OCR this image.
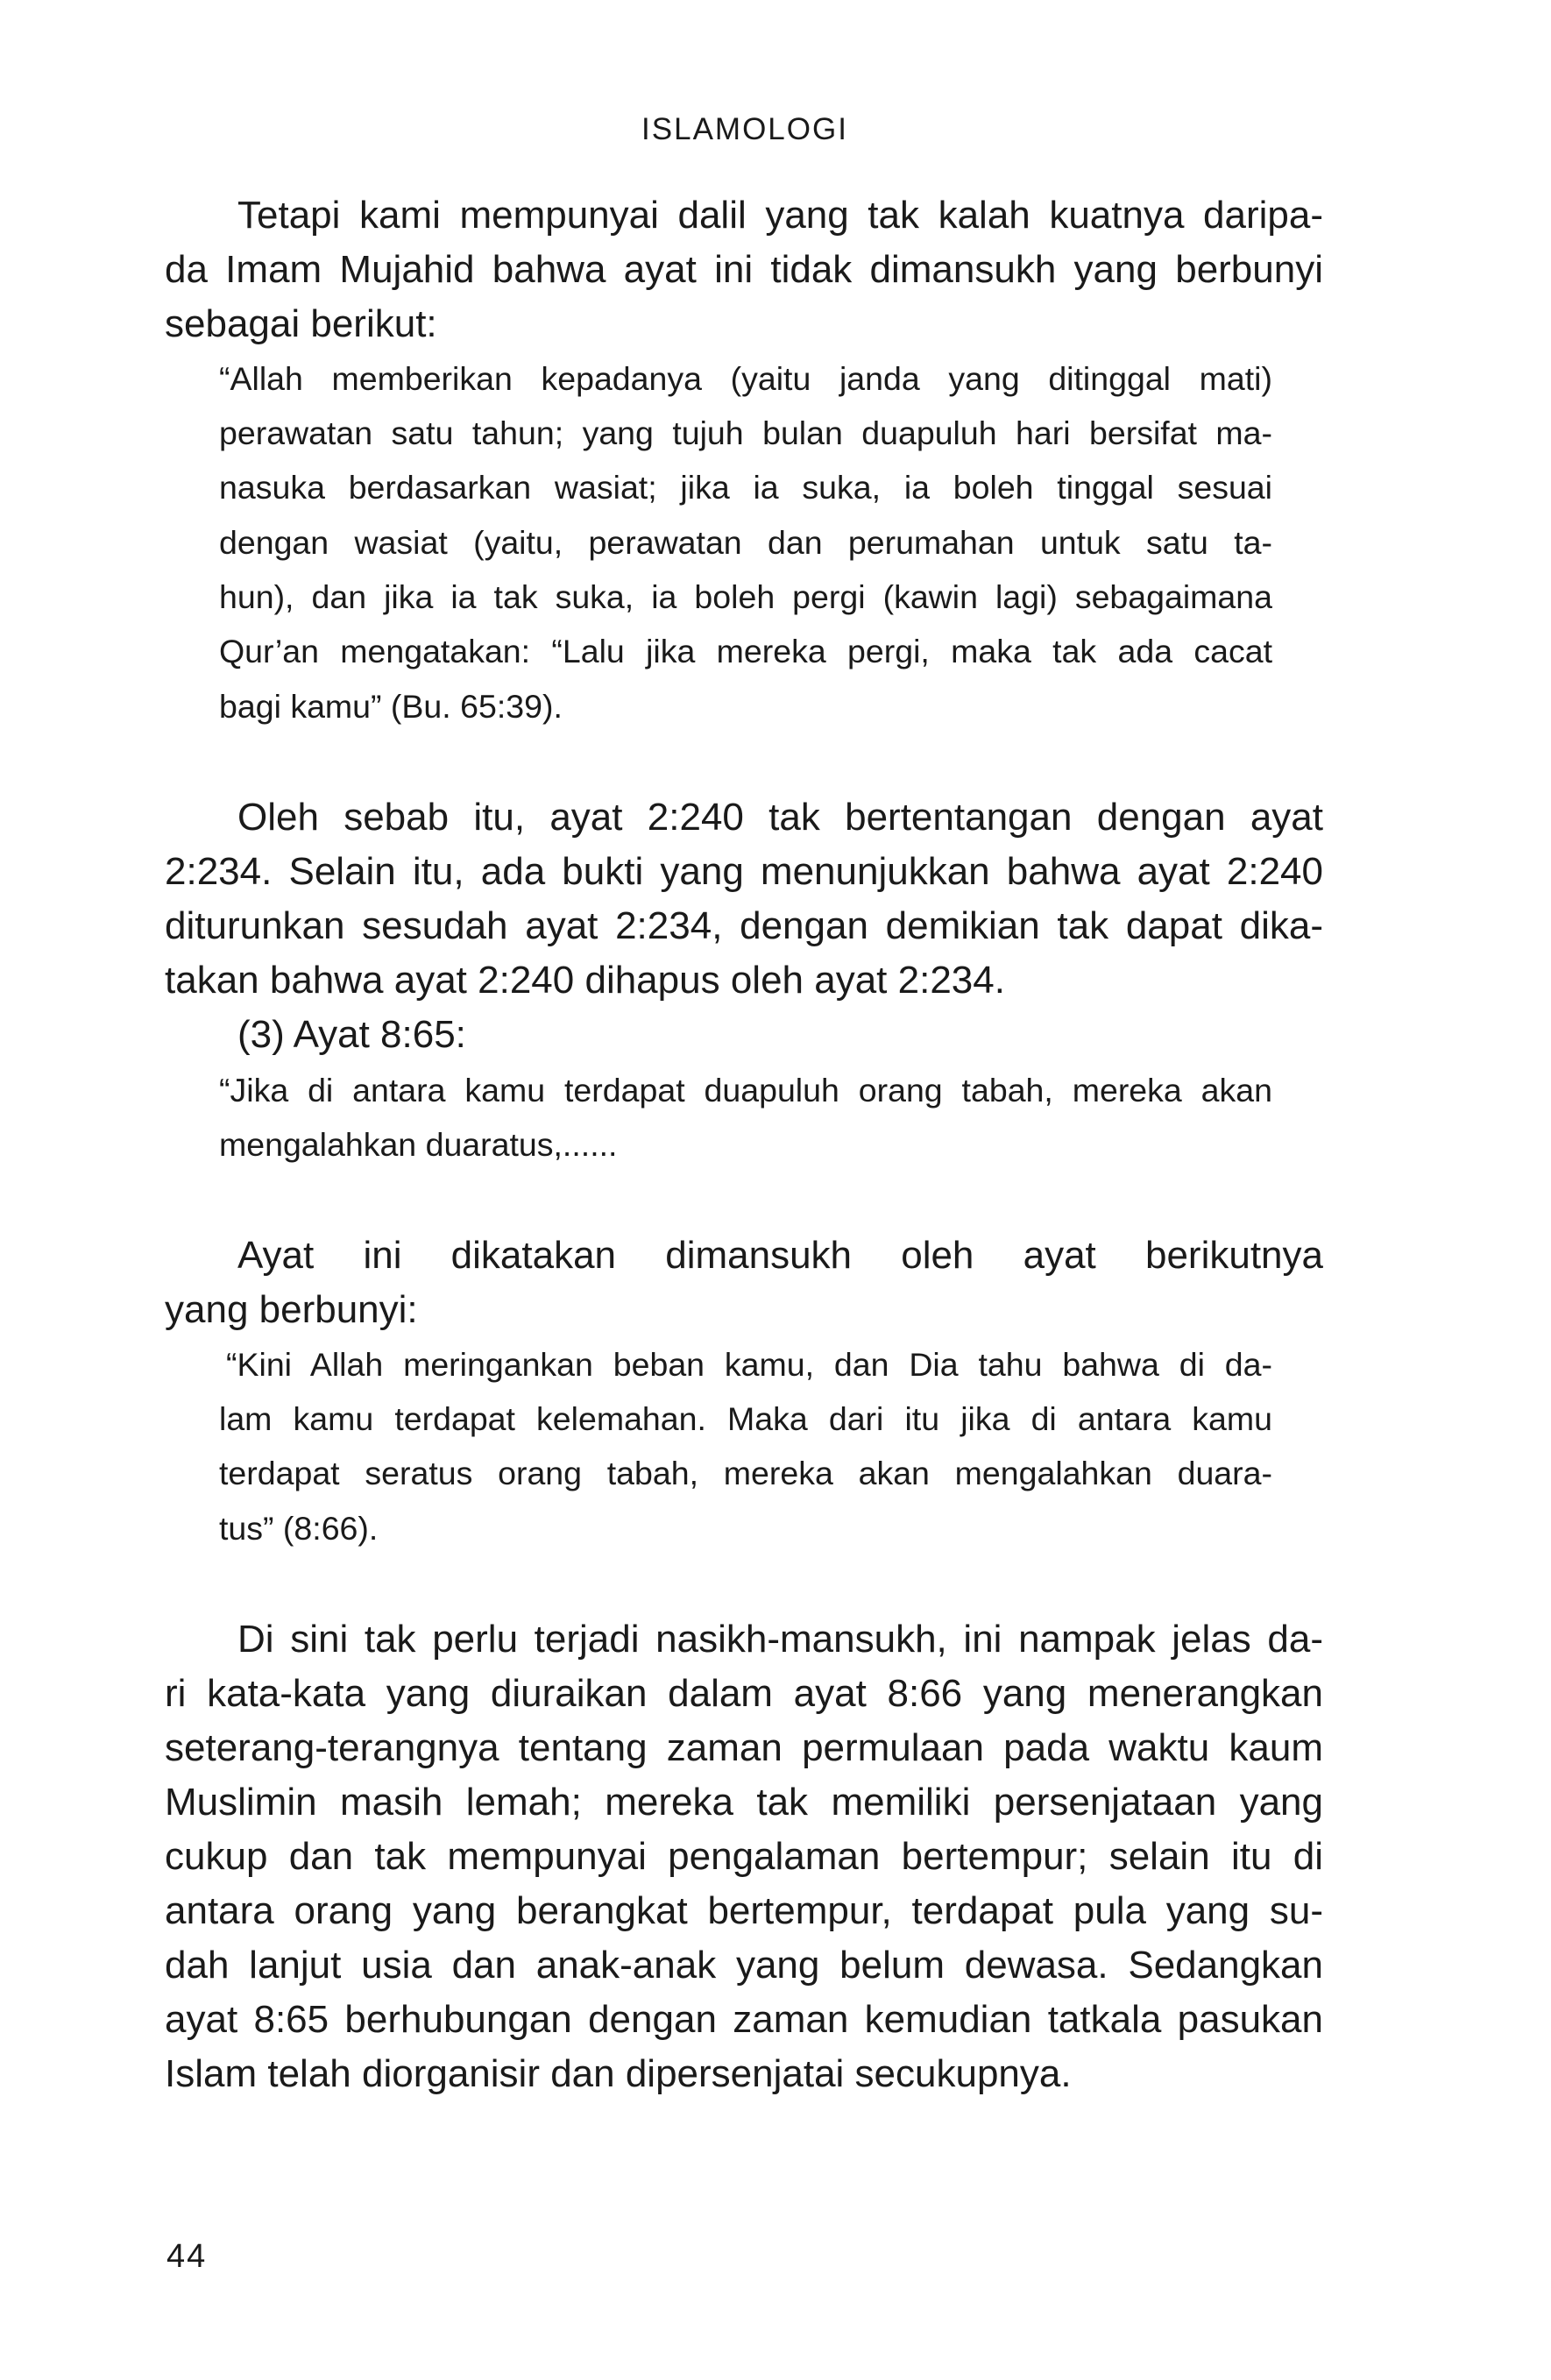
ISLAMOLOGI

Tetapi kami mempunyai dalil yang tak kalah kuatnya daripa-

da Imam Mujahid bahwa ayat ini tidak dimansukh yang berbunyi

sebagai berikut:

“Allah memberikan kepadanya (yaitu janda yang ditinggal mati)

perawatan satu tahun; yang tujuh bulan duapuluh hari bersifat ma-

nasuka berdasarkan wasiat; jika ia suka, ia boleh tinggal sesuai

dengan wasiat (yaitu, perawatan dan perumahan untuk satu ta-

hun), dan jika ia tak suka, ia boleh pergi (kawin lagi) sebagaimana

Qur’an mengatakan: “Lalu jika mereka pergi, maka tak ada cacat

bagi kamu” (Bu. 65:39).

Oleh sebab itu, ayat 2:240 tak bertentangan dengan ayat

2:234. Selain itu, ada bukti yang menunjukkan bahwa ayat 2:240

diturunkan sesudah ayat 2:234, dengan demikian tak dapat dika-

takan bahwa ayat 2:240 dihapus oleh ayat 2:234.

(3) Ayat 8:65:

“Jika di antara kamu terdapat duapuluh orang tabah, mereka akan

mengalahkan duaratus,......

Ayat ini dikatakan dimansukh oleh ayat berikutnya

yang berbunyi:

“Kini Allah meringankan beban kamu, dan Dia tahu bahwa di da-

lam kamu terdapat kelemahan. Maka dari itu jika di antara kamu

terdapat seratus orang tabah, mereka akan mengalahkan duara-

tus” (8:66).

Di sini tak perlu terjadi nasikh-mansukh, ini nampak jelas da-

ri kata-kata yang diuraikan dalam ayat 8:66 yang menerangkan

seterang-terangnya tentang zaman permulaan pada waktu kaum

Muslimin masih lemah; mereka tak memiliki persenjataan yang

cukup dan tak mempunyai pengalaman bertempur; selain itu di

antara orang yang berangkat bertempur, terdapat pula yang su-

dah lanjut usia dan anak-anak yang belum dewasa. Sedangkan

ayat 8:65 berhubungan dengan zaman kemudian tatkala pasukan

Islam telah diorganisir dan dipersenjatai secukupnya.

44
